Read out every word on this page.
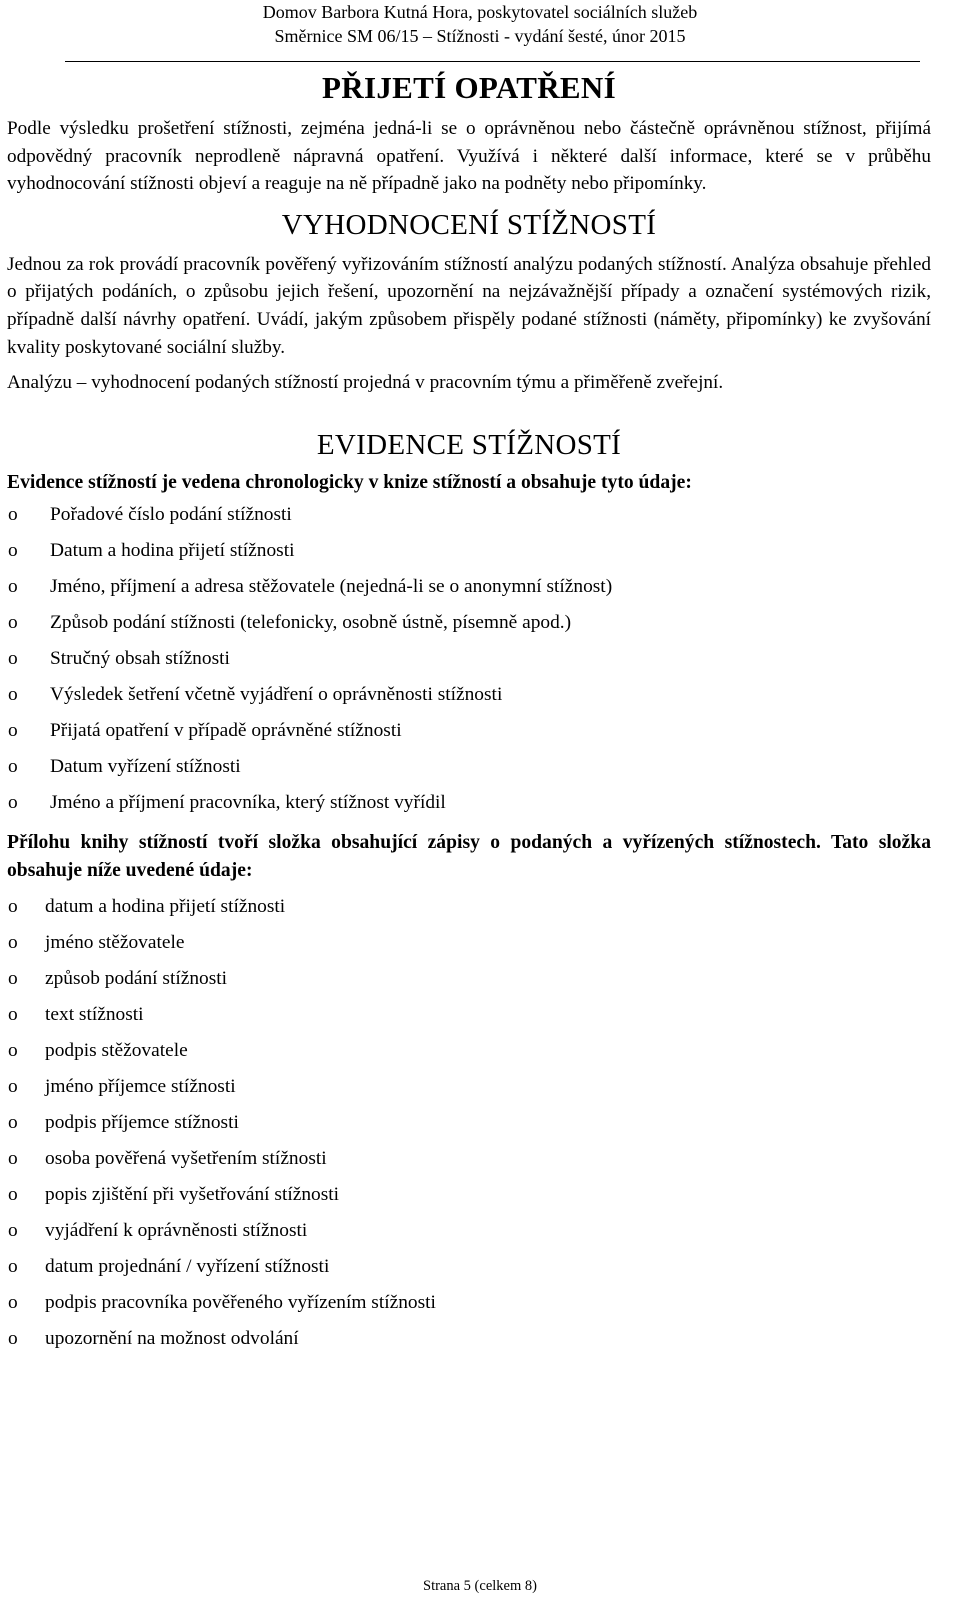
Domov Barbora Kutná Hora, poskytovatel sociálních služeb
Směrnice SM 06/15 – Stížnosti - vydání šesté, únor 2015
PŘIJETÍ OPATŘENÍ

Podle výsledku prošetření stížnosti, zejména jedná-li se o oprávněnou nebo částečně oprávněnou stížnost, přijímá odpovědný pracovník neprodleně nápravná opatření. Využívá i některé další informace, které se v průběhu vyhodnocování stížnosti objeví a reaguje na ně případně jako na podněty nebo připomínky.

VYHODNOCENÍ STÍŽNOSTÍ

Jednou za rok provádí pracovník pověřený vyřizováním stížností analýzu podaných stížností. Analýza obsahuje přehled o přijatých podáních, o způsobu jejich řešení, upozornění na nejzávažnější případy a označení systémových rizik, případně další návrhy opatření. Uvádí, jakým způsobem přispěly podané stížnosti (náměty, připomínky) ke zvyšování kvality poskytované sociální služby.

Analýzu – vyhodnocení podaných stížností projedná v pracovním týmu a přiměřeně zveřejní.

EVIDENCE STÍŽNOSTÍ

Evidence stížností je vedena chronologicky v knize stížností a obsahuje tyto údaje:

o Pořadové číslo podání stížnosti
o Datum a hodina přijetí stížnosti
o Jméno, příjmení a adresa stěžovatele (nejedná-li se o anonymní stížnost)
o Způsob podání stížnosti (telefonicky, osobně ústně, písemně apod.)
o Stručný obsah stížnosti
o Výsledek šetření včetně vyjádření o oprávněnosti stížnosti
o Přijatá opatření v případě oprávněné stížnosti
o Datum vyřízení stížnosti
o Jméno a příjmení pracovníka, který stížnost vyřídil

Přílohu knihy stížností tvoří složka obsahující zápisy o podaných a vyřízených stížnostech. Tato složka obsahuje níže uvedené údaje:

o datum a hodina přijetí stížnosti
o jméno stěžovatele
o způsob podání stížnosti
o text stížnosti
o podpis stěžovatele
o jméno příjemce stížnosti
o podpis příjemce stížnosti
o osoba pověřená vyšetřením stížnosti
o popis zjištění při vyšetřování stížnosti
o vyjádření k oprávněnosti stížnosti
o datum projednání / vyřízení stížnosti
o podpis pracovníka pověřeného vyřízením stížnosti
o upozornění na možnost odvolání
Strana 5 (celkem 8)
